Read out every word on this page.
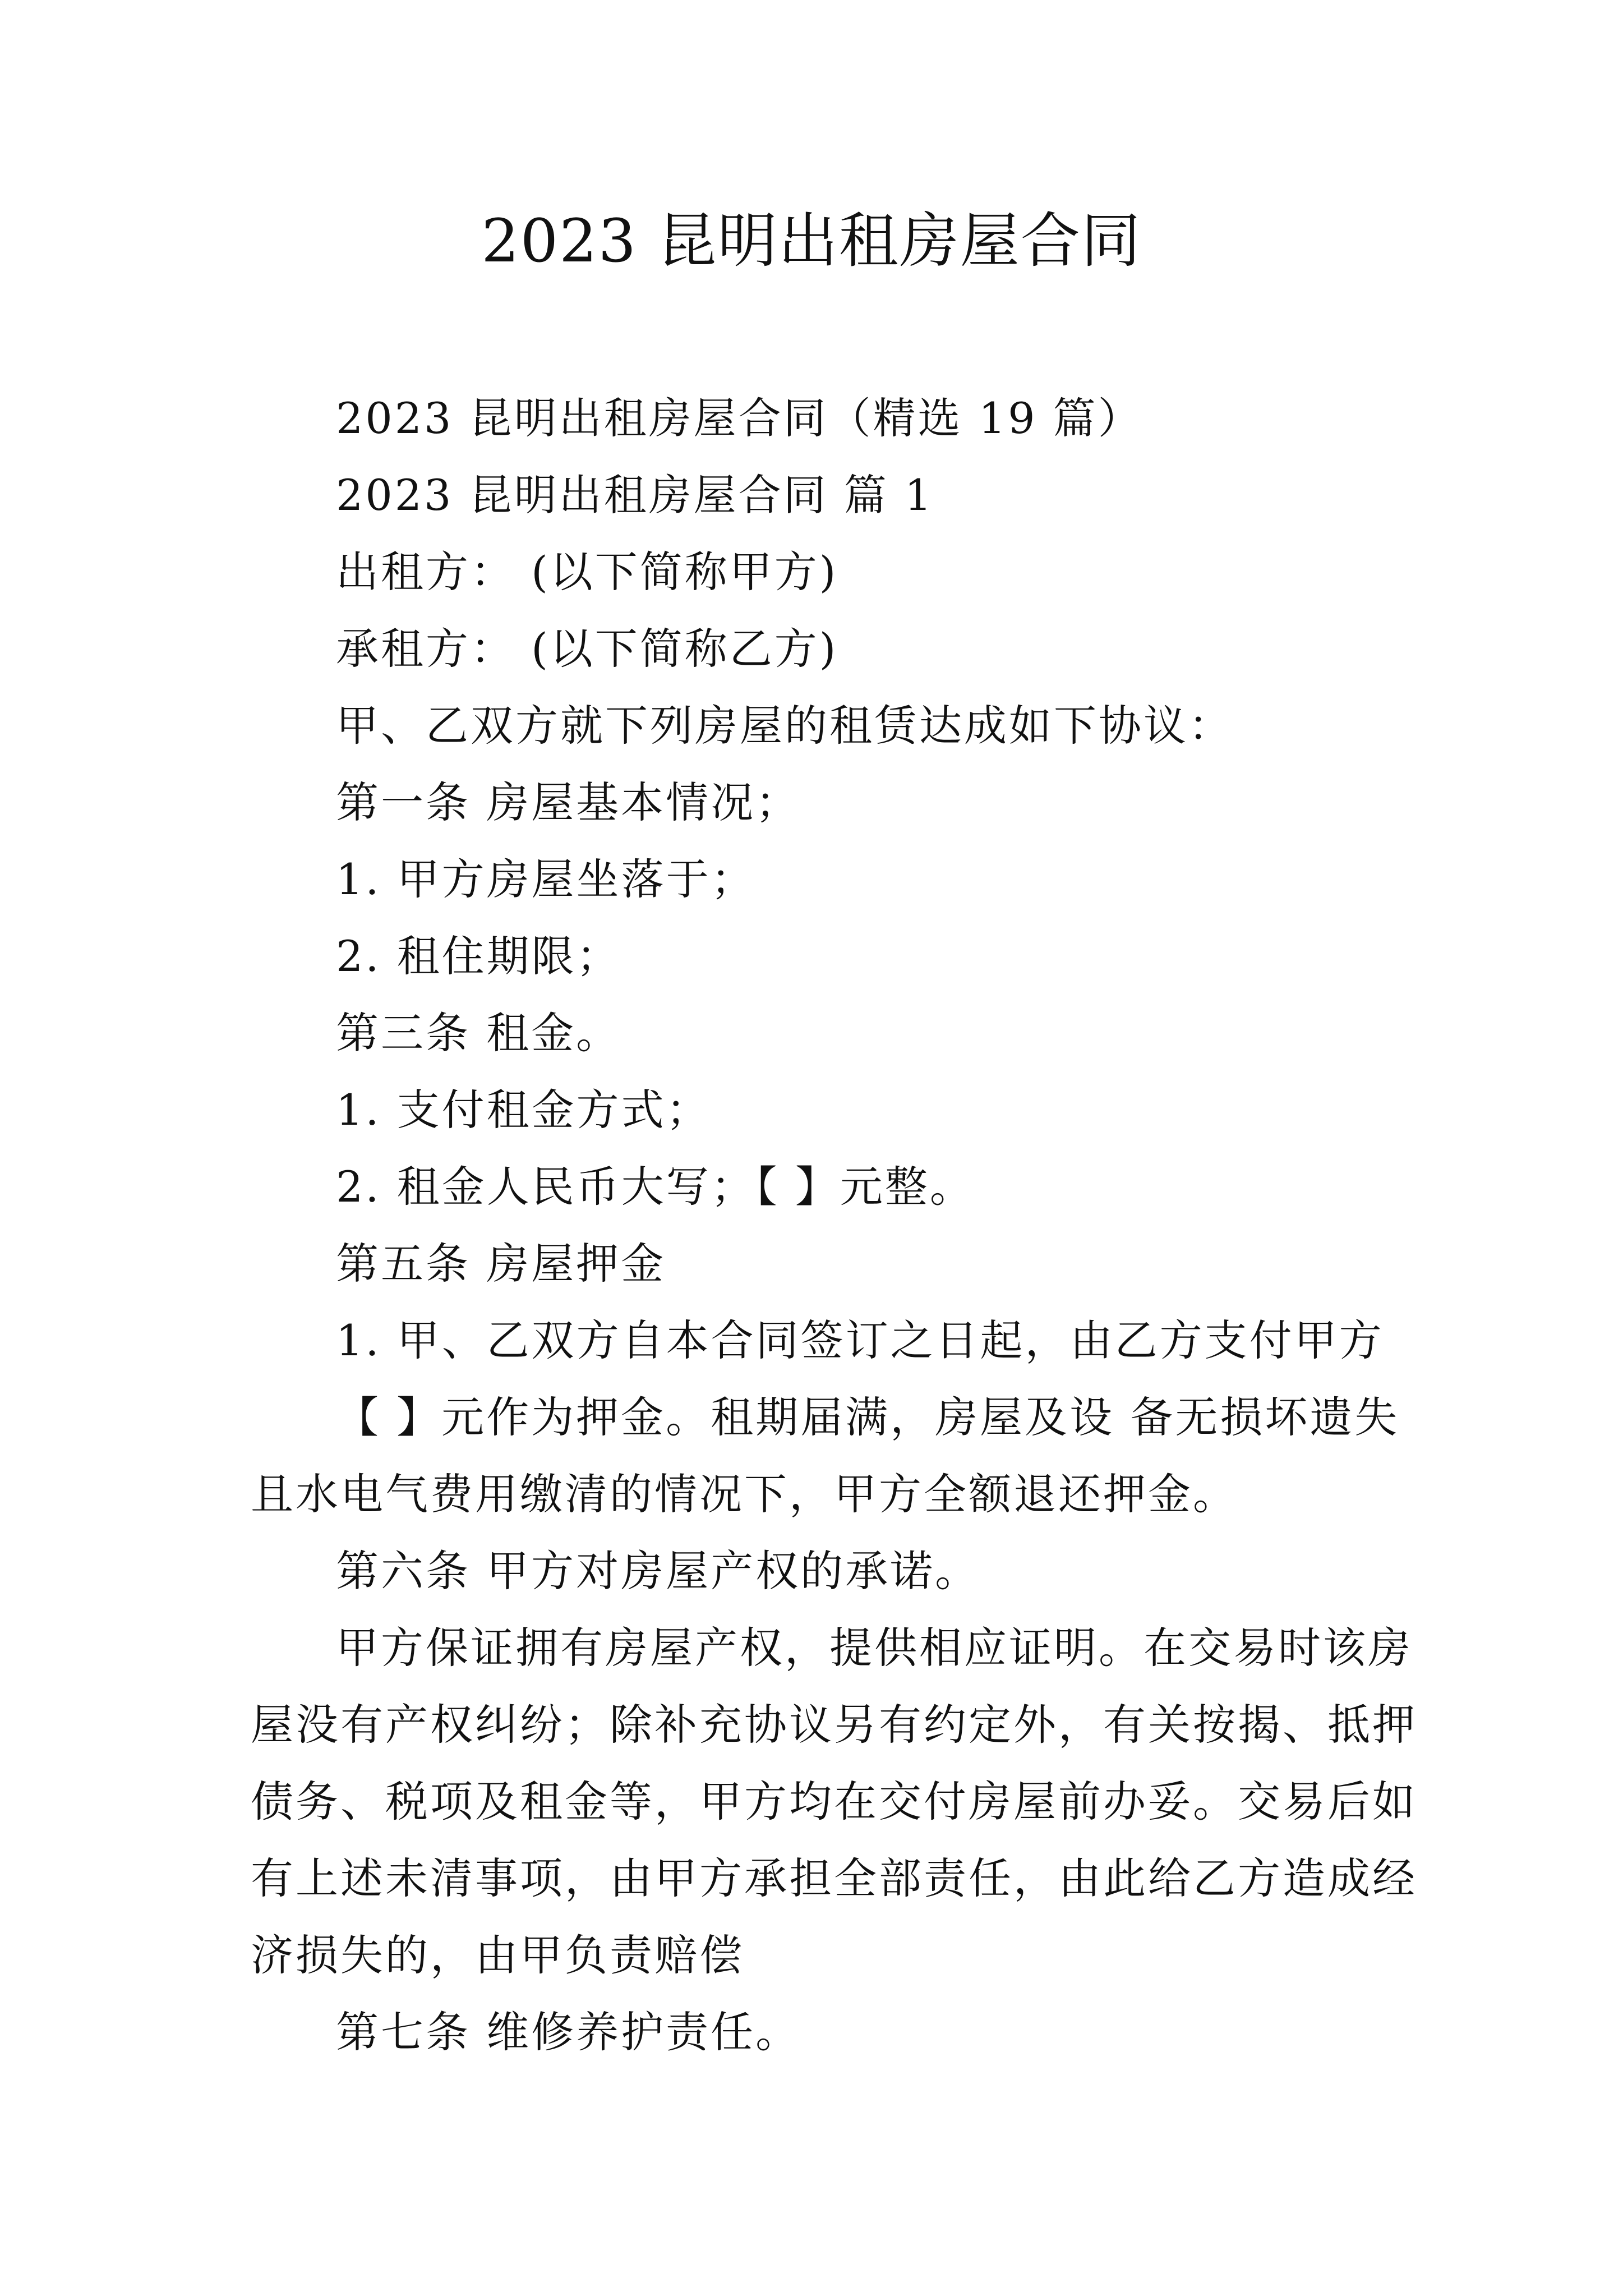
2023 昆明出租房屋合同
2023 昆明出租房屋合同（精选 19 篇）
2023 昆明出租房屋合同 篇 1
出租方： (以下简称甲方)
承租方： (以下简称乙方)
甲、乙双方就下列房屋的租赁达成如下协议：
第一条 房屋基本情况；
1. 甲方房屋坐落于；
2. 租住期限；
第三条 租金。
1. 支付租金方式；
2. 租金人民币大写；【 】元整。
第五条 房屋押金
1. 甲、乙双方自本合同签订之日起，由乙方支付甲方
【 】元作为押金。租期届满，房屋及设 备无损坏遗失
且水电气费用缴清的情况下，甲方全额退还押金。
第六条 甲方对房屋产权的承诺。
甲方保证拥有房屋产权，提供相应证明。在交易时该房
屋没有产权纠纷；除补充协议另有约定外，有关按揭、抵押
债务、税项及租金等，甲方均在交付房屋前办妥。交易后如
有上述未清事项，由甲方承担全部责任，由此给乙方造成经
济损失的，由甲负责赔偿
第七条 维修养护责任。
